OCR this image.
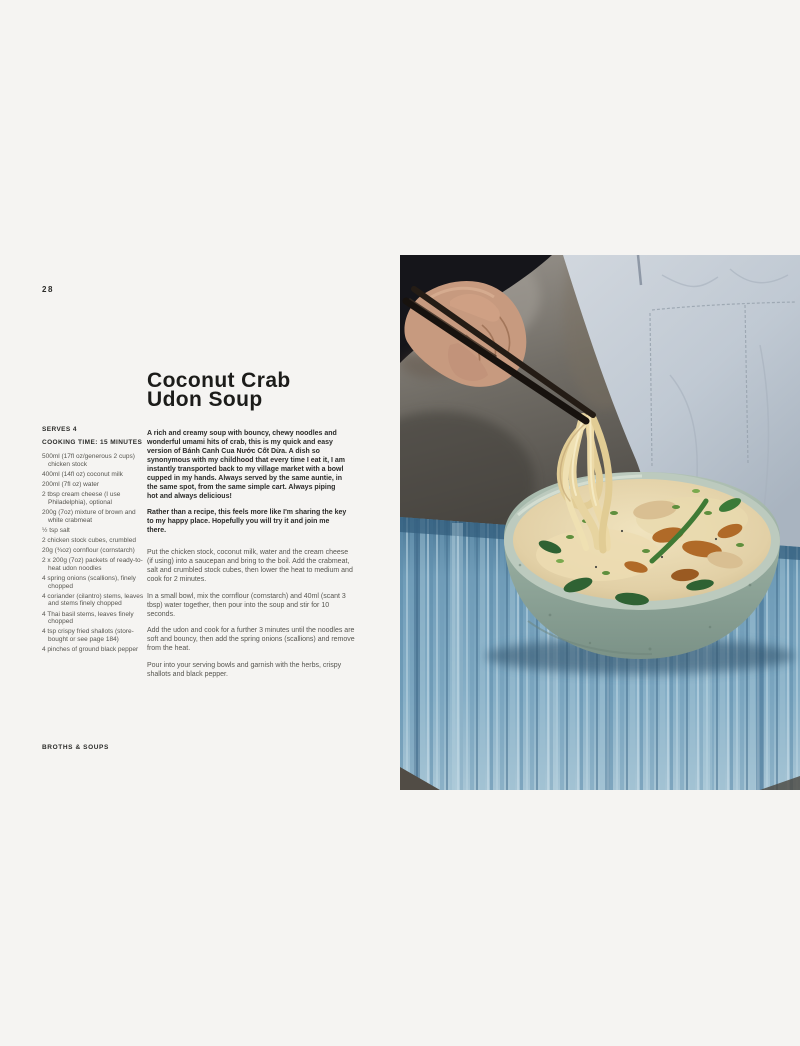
28
Coconut Crab
Udon Soup

SERVES 4

COOKING TIME: 15 MINUTES

500ml (17fl oz/generous 2 cups) chicken stock
400ml (14fl oz) coconut milk
200ml (7fl oz) water
2 tbsp cream cheese (I use Philadelphia), optional
200g (7oz) mixture of brown and white crabmeat
½ tsp salt
2 chicken stock cubes, crumbled
20g (¾oz) cornflour (cornstarch)
2 x 200g (7oz) packets of ready-to-heat udon noodles
4 spring onions (scallions), finely chopped
4 coriander (cilantro) stems, leaves and stems finely chopped
4 Thai basil stems, leaves finely chopped
4 tsp crispy fried shallots (store-bought or see page 184)
4 pinches of ground black pepper

A rich and creamy soup with bouncy, chewy noodles and wonderful umami hits of crab, this is my quick and easy version of Bánh Canh Cua Nước Cốt Dừa. A dish so synonymous with my childhood that every time I eat it, I am instantly transported back to my village market with a bowl cupped in my hands. Always served by the same auntie, in the same spot, from the same simple cart. Always piping hot and always delicious!

Rather than a recipe, this feels more like I'm sharing the key to my happy place. Hopefully you will try it and join me there.

Put the chicken stock, coconut milk, water and the cream cheese (if using) into a saucepan and bring to the boil. Add the crabmeat, salt and crumbled stock cubes, then lower the heat to medium and cook for 2 minutes.

In a small bowl, mix the cornflour (cornstarch) and 40ml (scant 3 tbsp) water together, then pour into the soup and stir for 10 seconds.

Add the udon and cook for a further 3 minutes until the noodles are soft and bouncy, then add the spring onions (scallions) and remove from the heat.

Pour into your serving bowls and garnish with the herbs, crispy shallots and black pepper.

BROTHS & SOUPS
